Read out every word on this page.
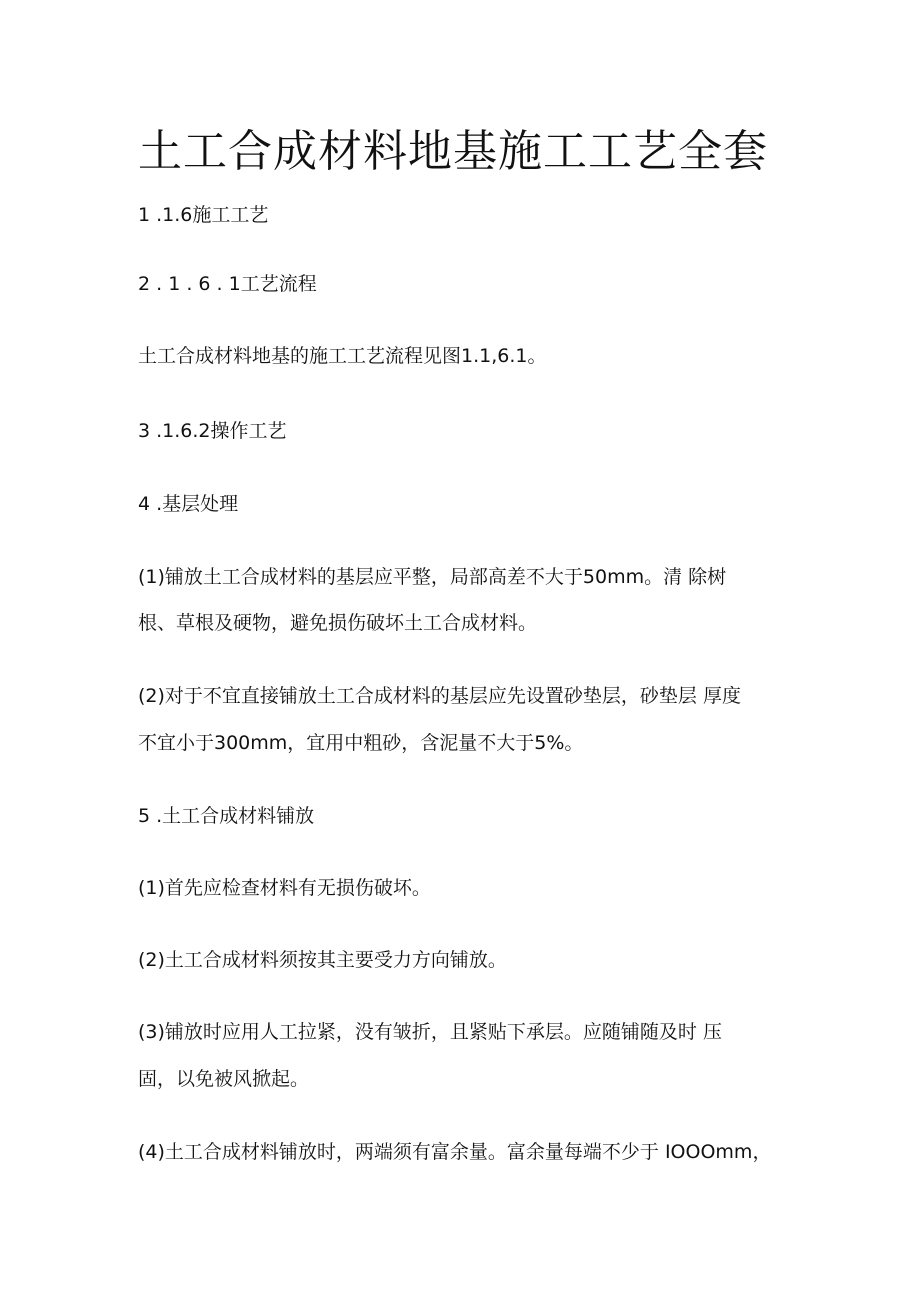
土工合成材料地基施工工艺全套

1 .1.6施工工艺

2 . 1 . 6 . 1工艺流程

土工合成材料地基的施工工艺流程见图1.1,6.1。

3 .1.6.2操作工艺

4 .基层处理

(1)铺放土工合成材料的基层应平整，局部高差不大于50mm。清 除树

根、草根及硬物，避免损伤破坏土工合成材料。

(2)对于不宜直接铺放土工合成材料的基层应先设置砂垫层，砂垫层 厚度

不宜小于300mm，宜用中粗砂，含泥量不大于5%。

5 .土工合成材料铺放

(1)首先应检查材料有无损伤破坏。

(2)土工合成材料须按其主要受力方向铺放。

(3)铺放时应用人工拉紧，没有皱折，且紧贴下承层。应随铺随及时 压

固，以免被风掀起。

(4)土工合成材料铺放时，两端须有富余量。富余量每端不少于 IOOOmm，
